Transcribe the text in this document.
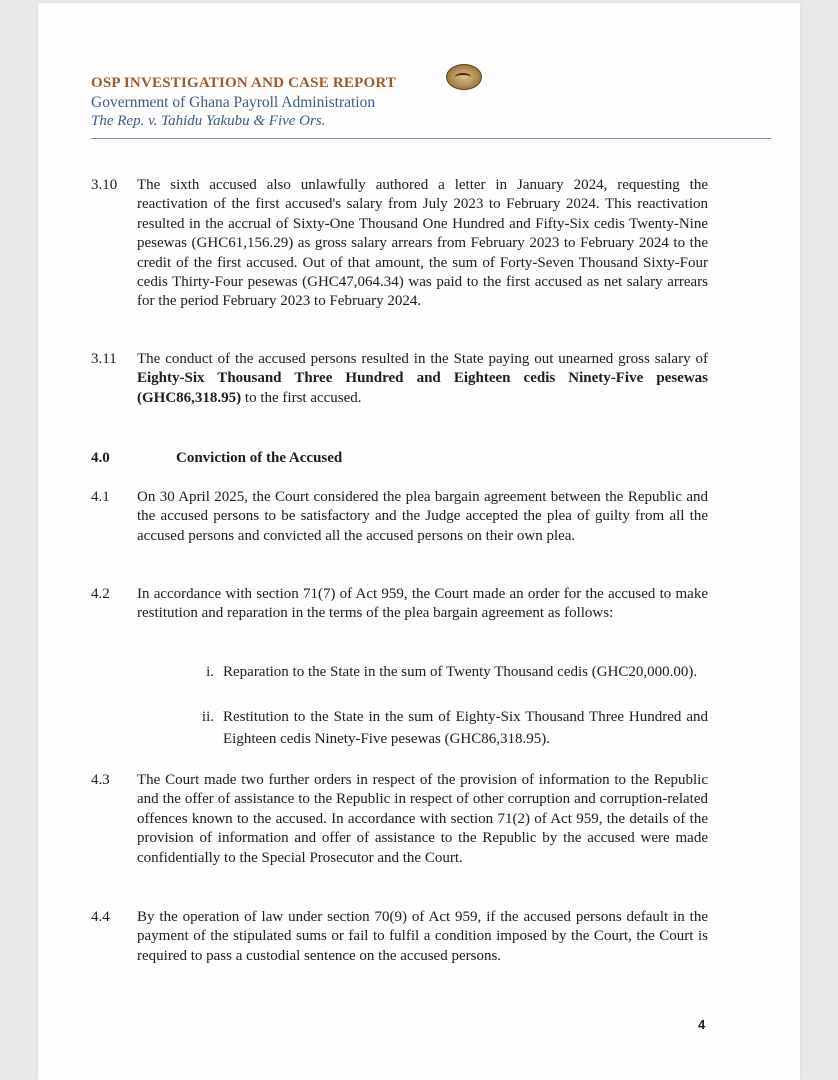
OSP INVESTIGATION AND CASE REPORT
Government of Ghana Payroll Administration
The Rep. v. Tahidu Yakubu & Five Ors.
3.10	The sixth accused also unlawfully authored a letter in January 2024, requesting the reactivation of the first accused's salary from July 2023 to February 2024. This reactivation resulted in the accrual of Sixty-One Thousand One Hundred and Fifty-Six cedis Twenty-Nine pesewas (GHC61,156.29) as gross salary arrears from February 2023 to February 2024 to the credit of the first accused. Out of that amount, the sum of Forty-Seven Thousand Sixty-Four cedis Thirty-Four pesewas (GHC47,064.34) was paid to the first accused as net salary arrears for the period February 2023 to February 2024.
3.11	The conduct of the accused persons resulted in the State paying out unearned gross salary of Eighty-Six Thousand Three Hundred and Eighteen cedis Ninety-Five pesewas (GHC86,318.95) to the first accused.
4.0	Conviction of the Accused
4.1	On 30 April 2025, the Court considered the plea bargain agreement between the Republic and the accused persons to be satisfactory and the Judge accepted the plea of guilty from all the accused persons and convicted all the accused persons on their own plea.
4.2	In accordance with section 71(7) of Act 959, the Court made an order for the accused to make restitution and reparation in the terms of the plea bargain agreement as follows:
i. Reparation to the State in the sum of Twenty Thousand cedis (GHC20,000.00).
ii. Restitution to the State in the sum of Eighty-Six Thousand Three Hundred and Eighteen cedis Ninety-Five pesewas (GHC86,318.95).
4.3	The Court made two further orders in respect of the provision of information to the Republic and the offer of assistance to the Republic in respect of other corruption and corruption-related offences known to the accused. In accordance with section 71(2) of Act 959, the details of the provision of information and offer of assistance to the Republic by the accused were made confidentially to the Special Prosecutor and the Court.
4.4	By the operation of law under section 70(9) of Act 959, if the accused persons default in the payment of the stipulated sums or fail to fulfil a condition imposed by the Court, the Court is required to pass a custodial sentence on the accused persons.
4
